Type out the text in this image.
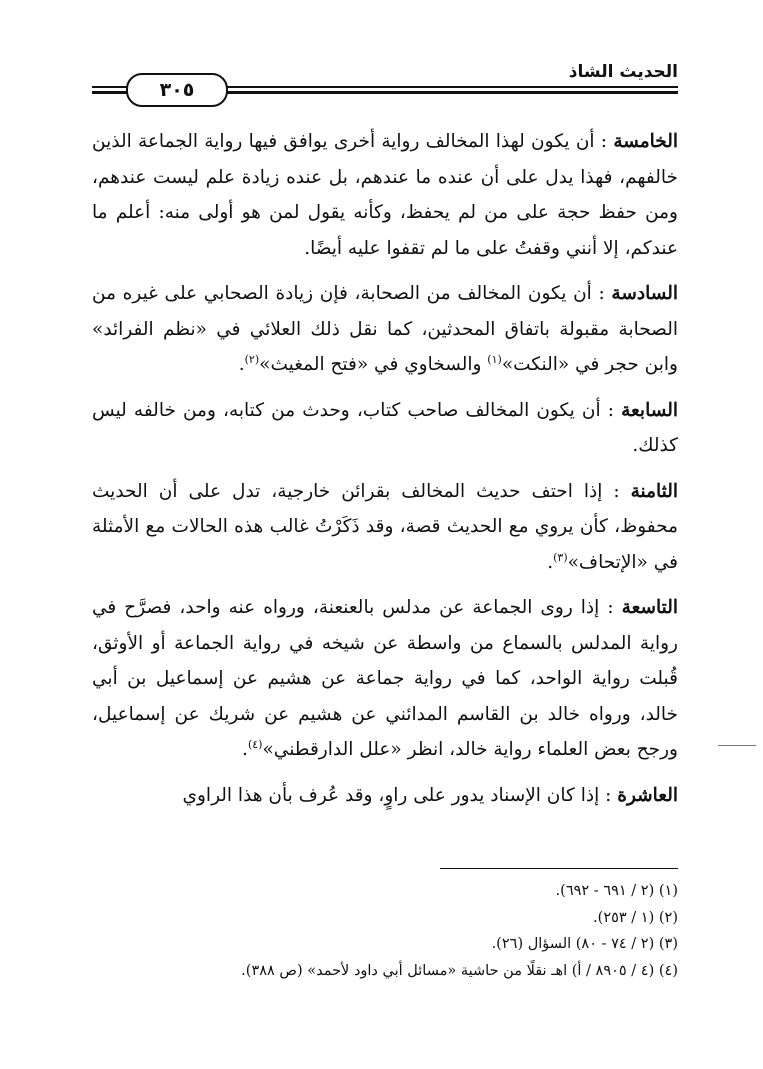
الحديث الشاذ
٣٠٥

الخامسة : أن يكون لهذا المخالف رواية أخرى يوافق فيها رواية الجماعة الذين خالفهم، فهذا يدل على أن عنده ما عندهم، بل عنده زيادة علم ليست عندهم، ومن حفظ حجة على من لم يحفظ، وكأنه يقول لمن هو أولى منه: أعلم ما عندكم، إلا أنني وقفتُ على ما لم تقفوا عليه أيضًا.

السادسة : أن يكون المخالف من الصحابة، فإن زيادة الصحابي على غيره من الصحابة مقبولة باتفاق المحدثين، كما نقل ذلك العلائي في «نظم الفرائد» وابن حجر في «النكت»$^{(١)}$ والسخاوي في «فتح المغيث»$^{(٢)}$.

السابعة : أن يكون المخالف صاحب كتاب، وحدث من كتابه، ومن خالفه ليس كذلك.

الثامنة : إذا احتف حديث المخالف بقرائن خارجية، تدل على أن الحديث محفوظ، كأن يروي مع الحديث قصة، وقد ذَكَرْتُ غالب هذه الحالات مع الأمثلة في «الإتحاف»$^{(٣)}$.

التاسعة : إذا روى الجماعة عن مدلس بالعنعنة، ورواه عنه واحد، فصرَّح في رواية المدلس بالسماع من واسطة عن شيخه في رواية الجماعة أو الأوثق، قُبلت رواية الواحد، كما في رواية جماعة عن هشيم عن إسماعيل بن أبي خالد، ورواه خالد بن القاسم المدائني عن هشيم عن شريك عن إسماعيل، ورجح بعض العلماء رواية خالد، انظر «علل الدارقطني»$^{(٤)}$.

العاشرة : إذا كان الإسناد يدور على راوٍ، وقد عُرف بأن هذا الراوي

(١) (٢ / ٦٩١ - ٦٩٢).
(٢) (١ / ٢٥٣).
(٣) (٢ / ٧٤ - ٨٠) السؤال (٢٦).
(٤) (٤ / ٨٩٠٥ / أ) اهـ نقلًا من حاشية «مسائل أبي داود لأحمد» (ص ٣٨٨).
